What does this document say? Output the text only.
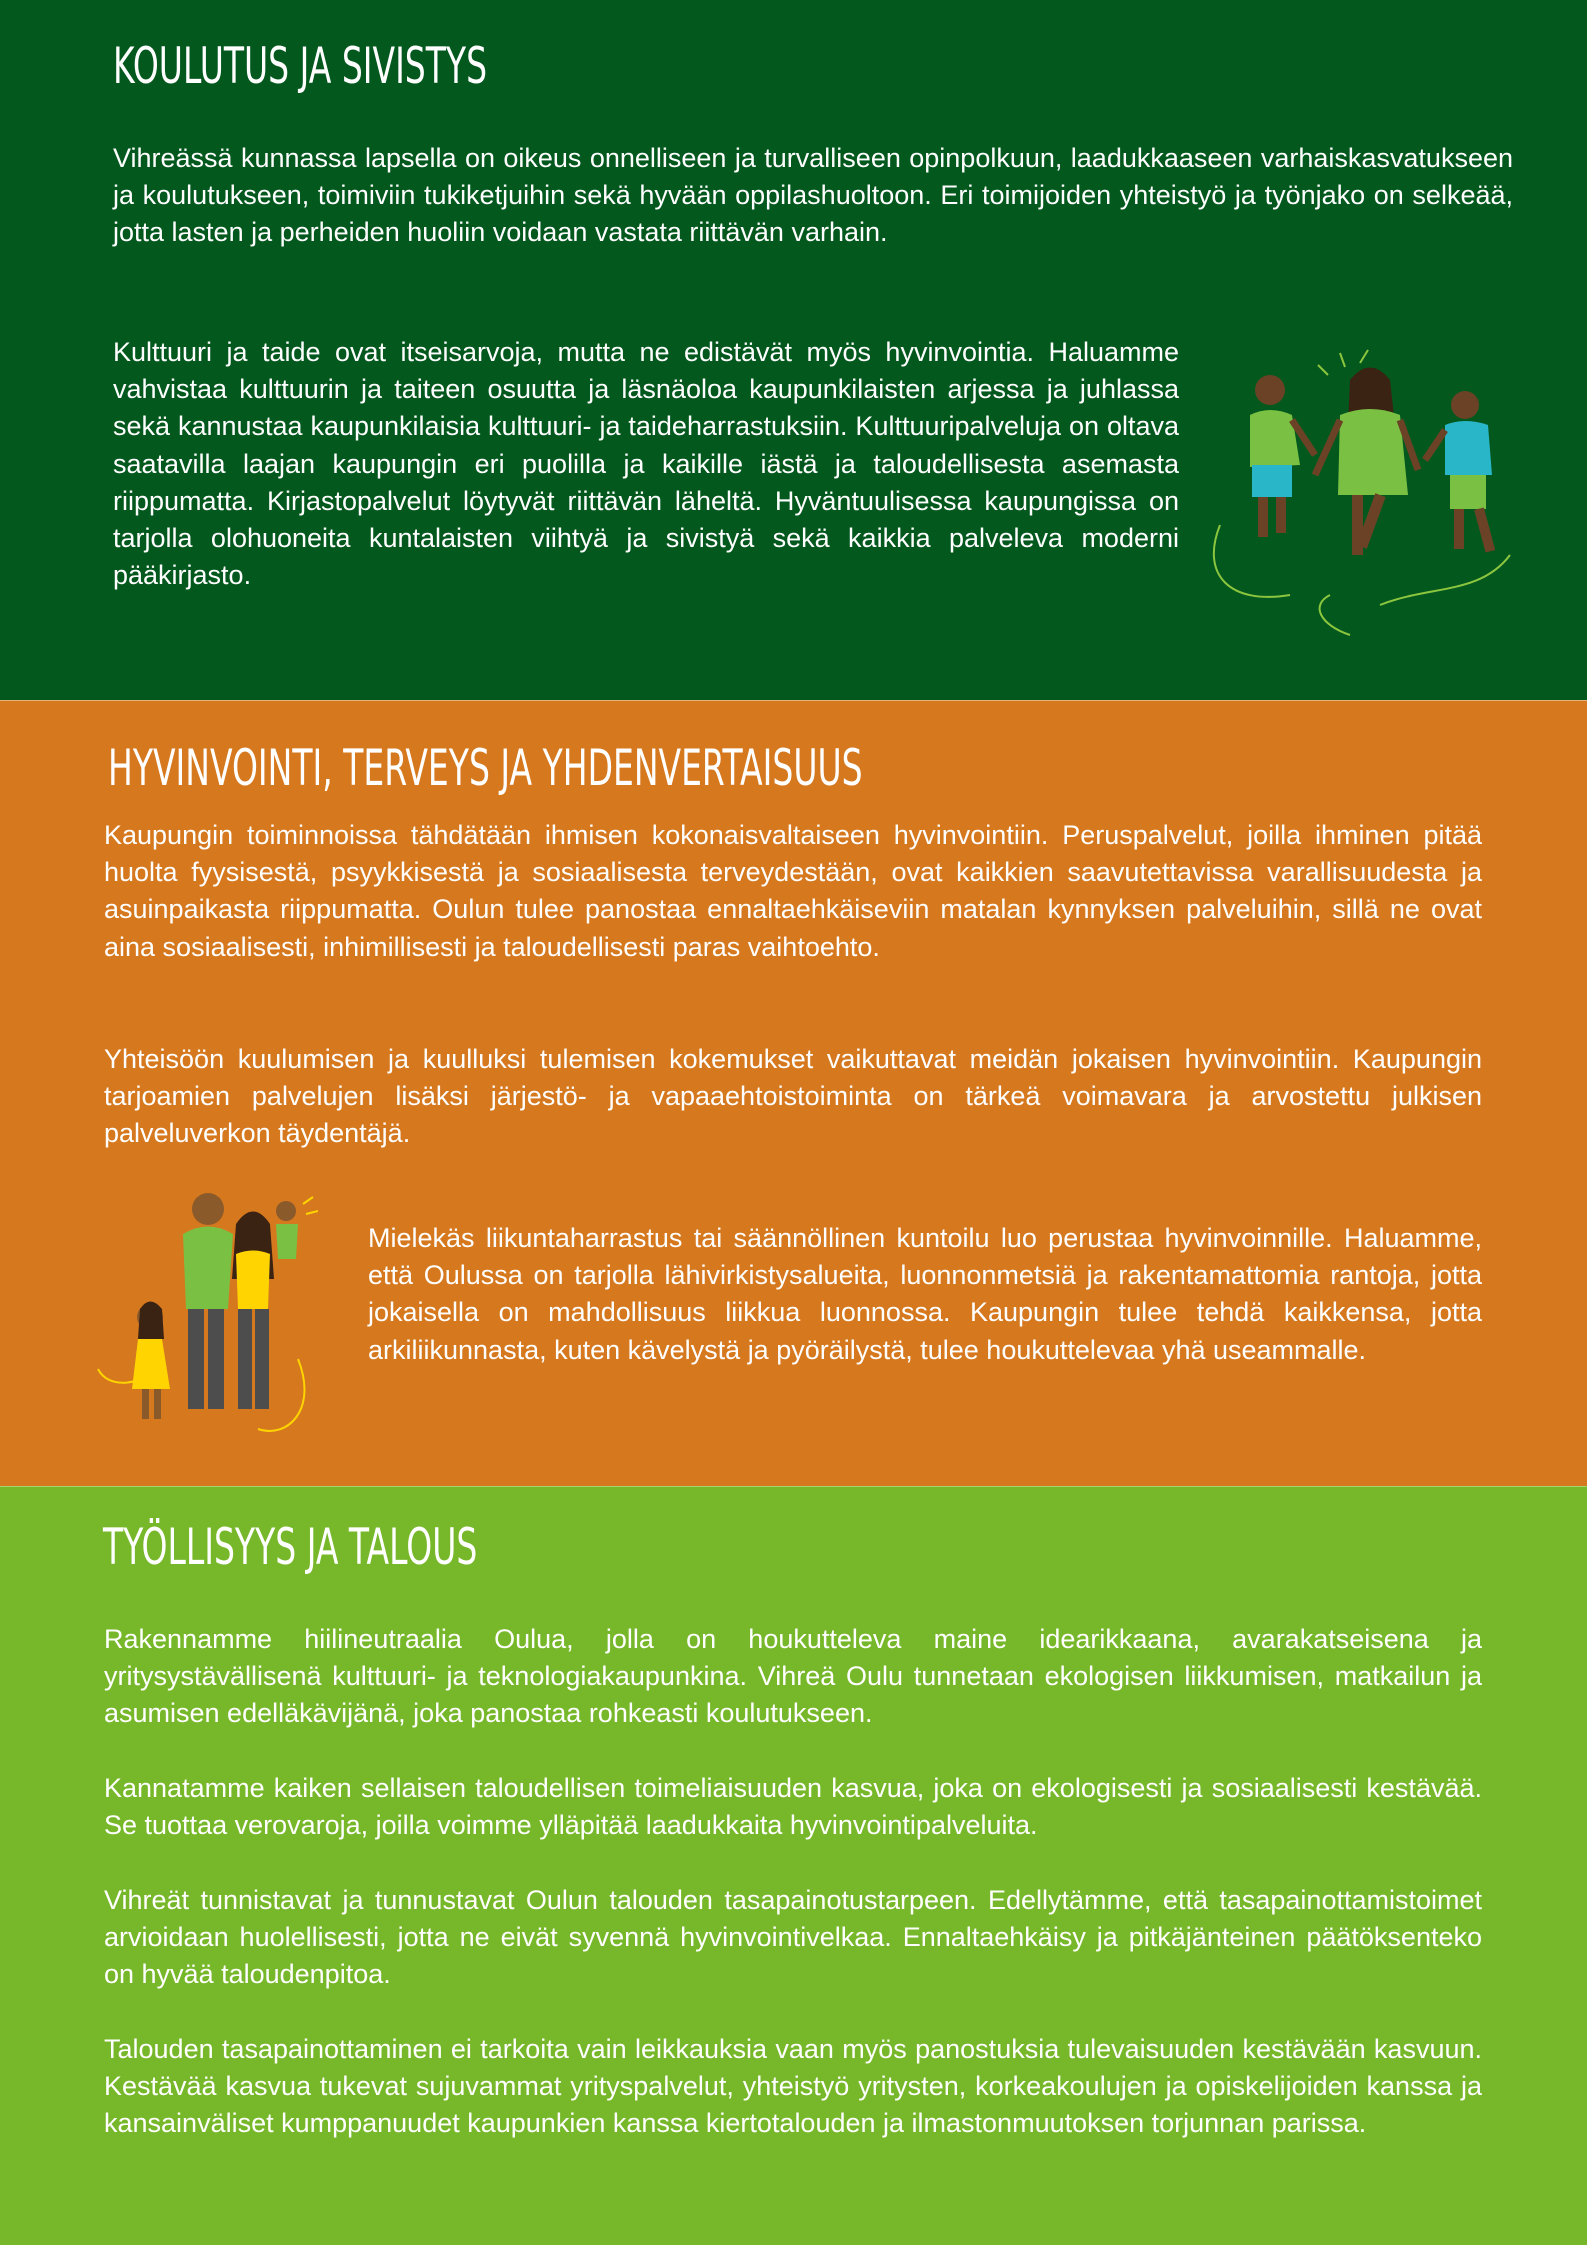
KOULUTUS JA SIVISTYS

Vihreässä kunnassa lapsella on oikeus onnelliseen ja turvalliseen opinpolkuun, laadukkaaseen varhaiskasvatukseen ja koulutukseen, toimiviin tukiketjuihin sekä hyvään oppilashuoltoon. Eri toimijoiden yhteistyö ja työnjako on selkeää, jotta lasten ja perheiden huoliin voidaan vastata riittävän varhain.

Kulttuuri ja taide ovat itseisarvoja, mutta ne edistävät myös hyvinvointia. Haluamme vahvistaa kulttuurin ja taiteen osuutta ja läsnäoloa kaupunkilaisten arjessa ja juhlassa sekä kannustaa kaupunkilaisia kulttuuri- ja taideharrastuksiin. Kulttuuripalveluja on oltava saatavilla laajan kaupungin eri puolilla ja kaikille iästä ja taloudellisesta asemasta riippumatta. Kirjastopalvelut löytyvät riittävän läheltä. Hyväntuulisessa kaupungissa on tarjolla olohuoneita kuntalaisten viihtyä ja sivistyä sekä kaikkia palveleva moderni pääkirjasto.

HYVINVOINTI, TERVEYS JA YHDENVERTAISUUS

Kaupungin toiminnoissa tähdätään ihmisen kokonaisvaltaiseen hyvinvointiin. Peruspalvelut, joilla ihminen pitää huolta fyysisestä, psyykkisestä ja sosiaalisesta terveydestään, ovat kaikkien saavutettavissa varallisuudesta ja asuinpaikasta riippumatta. Oulun tulee panostaa ennaltaehkäiseviin matalan kynnyksen palveluihin, sillä ne ovat aina sosiaalisesti, inhimillisesti ja taloudellisesti paras vaihtoehto.

Yhteisöön kuulumisen ja kuulluksi tulemisen kokemukset vaikuttavat meidän jokaisen hyvinvointiin. Kaupungin tarjoamien palvelujen lisäksi järjestö- ja vapaaehtoistoiminta on tärkeä voimavara ja arvostettu julkisen palveluverkon täydentäjä.

Mielekäs liikuntaharrastus tai säännöllinen kuntoilu luo perustaa hyvinvoinnille. Haluamme, että Oulussa on tarjolla lähivirkistysalueita, luonnonmetsiä ja rakentamattomia rantoja, jotta jokaisella on mahdollisuus liikkua luonnossa. Kaupungin tulee tehdä kaikkensa, jotta arkiliikunnasta, kuten kävelystä ja pyöräilystä, tulee houkuttelevaa yhä useammalle.

TYÖLLISYYS JA TALOUS

Rakennamme hiilineutraalia Oulua, jolla on houkutteleva maine idearikkaana, avarakatseisena ja yritysystävällisenä kulttuuri- ja teknologiakaupunkina. Vihreä Oulu tunnetaan ekologisen liikkumisen, matkailun ja asumisen edelläkävijänä, joka panostaa rohkeasti koulutukseen.

Kannatamme kaiken sellaisen taloudellisen toimeliaisuuden kasvua, joka on ekologisesti ja sosiaalisesti kestävää. Se tuottaa verovaroja, joilla voimme ylläpitää laadukkaita hyvinvointipalveluita.

Vihreät tunnistavat ja tunnustavat Oulun talouden tasapainotustarpeen. Edellytämme, että tasapainottamistoimet arvioidaan huolellisesti, jotta ne eivät syvennä hyvinvointivelkaa. Ennaltaehkäisy ja pitkäjänteinen päätöksenteko on hyvää taloudenpitoa.

Talouden tasapainottaminen ei tarkoita vain leikkauksia vaan myös panostuksia tulevaisuuden kestävään kasvuun. Kestävää kasvua tukevat sujuvammat yrityspalvelut, yhteistyö yritysten, korkeakoulujen ja opiskelijoiden kanssa ja kansainväliset kumppanuudet kaupunkien kanssa kiertotalouden ja ilmastonmuutoksen torjunnan parissa.
